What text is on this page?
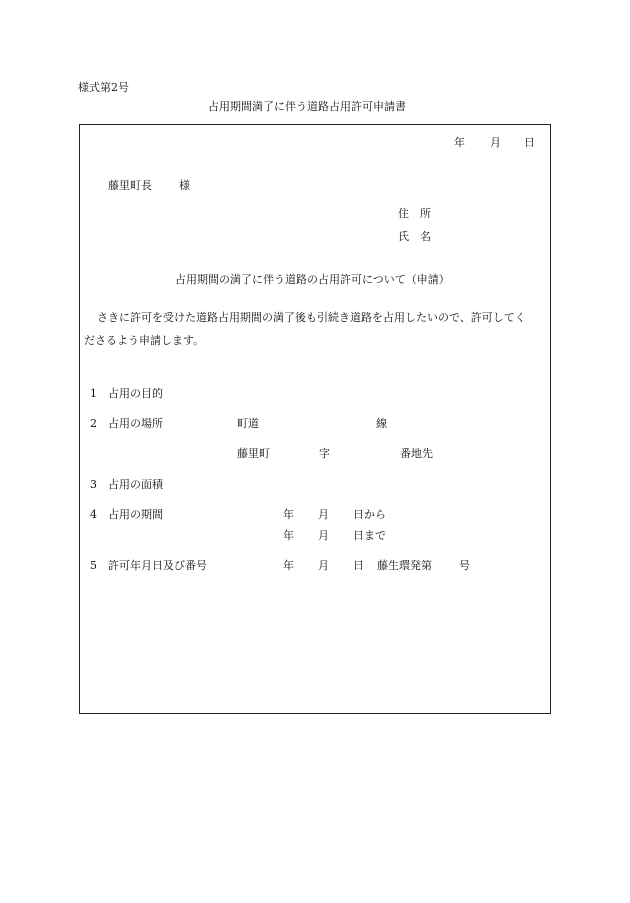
様式第2号
占用期間満了に伴う道路占用許可申請書
年 月 日
藤里町長 様
住　所
氏　名
占用期間の満了に伴う道路の占用許可について（申請）
さきに許可を受けた道路占用期間の満了後も引続き道路を占用したいので、許可してく
ださるよう申請します。
1 占用の目的
2 占用の場所	町道	線
藤里町	字	番地先
3 占用の面積
4 占用の期間	年 月 日から
年 月 日まで
5 許可年月日及び番号	年 月 日 藤生環発第 号
